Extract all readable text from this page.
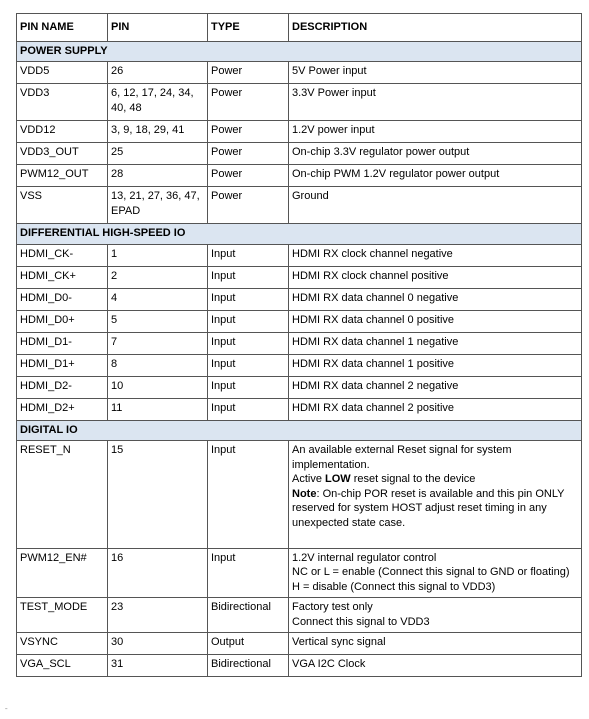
PIN NAME	PIN	TYPE	DESCRIPTION
POWER SUPPLY			
VDD5	26	Power	5V Power input

VDD3	6, 12, 17, 24, 34, 40, 48	Power	3.3V Power input

VDD12	3, 9, 18, 29, 41	Power	1.2V power input

VDD3_OUT	25	Power	On-chip 3.3V regulator power output

PWM12_OUT	28	Power	On-chip PWM 1.2V regulator power output

VSS	13, 21, 27, 36, 47, EPAD	Power	Ground

DIFFERENTIAL HIGH-SPEED IO			
HDMI_CK-	1	Input	HDMI RX clock channel negative

HDMI_CK+	2	Input	HDMI RX clock channel positive

HDMI_D0-	4	Input	HDMI RX data channel 0 negative

HDMI_D0+	5	Input	HDMI RX data channel 0 positive

HDMI_D1-	7	Input	HDMI RX data channel 1 negative

HDMI_D1+	8	Input	HDMI RX data channel 1 positive

HDMI_D2-	10	Input	HDMI RX data channel 2 negative

HDMI_D2+	11	Input	HDMI RX data channel 2 positive

DIGITAL IO			
RESET_N	15	Input	An available external Reset signal for system implementation.
Active LOW reset signal to the device
Note: On-chip POR reset is available and this pin ONLY reserved for system HOST adjust reset timing in any unexpected state case.

PWM12_EN#	16	Input	1.2V internal regulator control
NC or L = enable (Connect this signal to GND or floating)
H = disable (Connect this signal to VDD3)

TEST_MODE	23	Bidirectional	Factory test only
Connect this signal to VDD3

VSYNC	30	Output	Vertical sync signal

VGA_SCL	31	Bidirectional	VGA I2C Clock
ˉ
